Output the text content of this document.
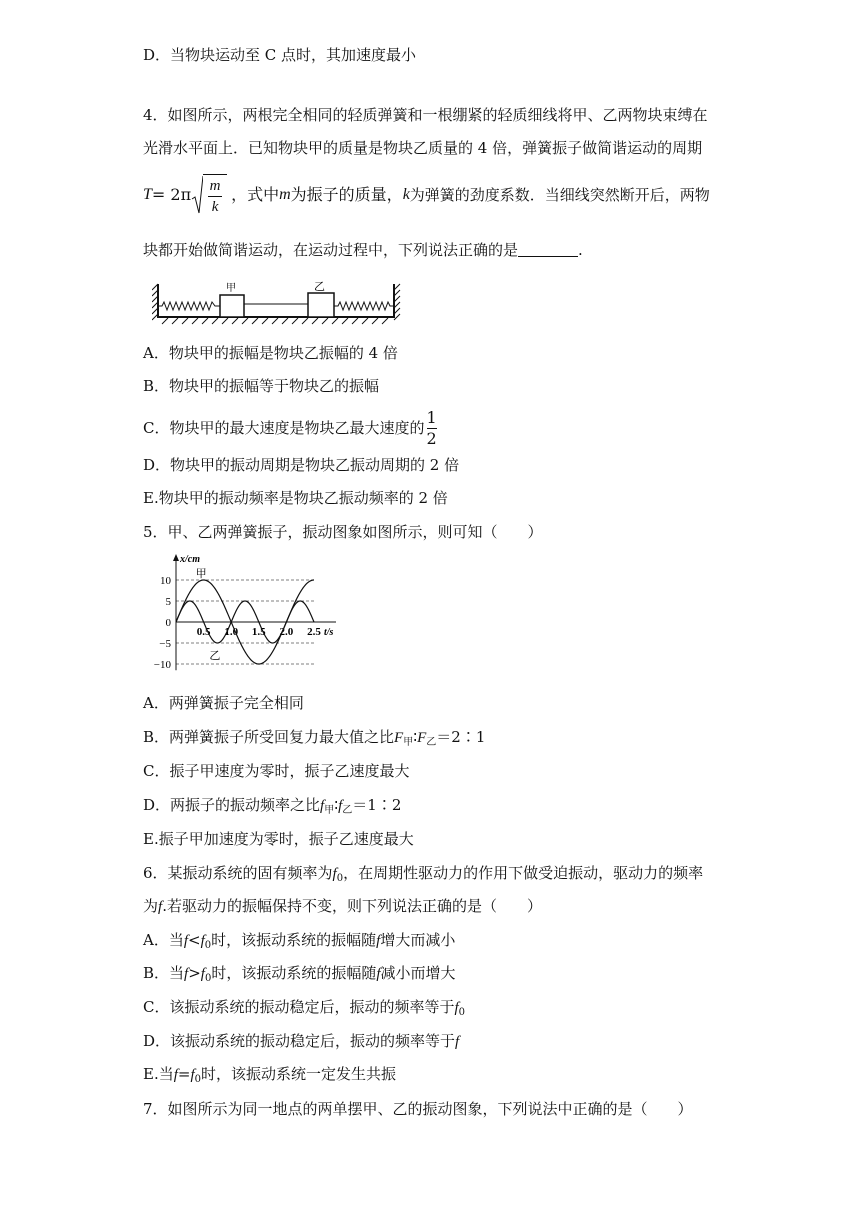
D．当物块运动至 C 点时，其加速度最小
4．如图所示，两根完全相同的轻质弹簧和一根绷紧的轻质细线将甲、乙两物块束缚在
光滑水平面上．已知物块甲的质量是物块乙质量的 4 倍，弹簧振子做简谐运动的周期
$T = 2\pi \frac{m}{k}$ ，式中 m 为振子的质量， k 为弹簧的劲度系数．当细线突然断开后，两物
块都开始做简谐运动，在运动过程中，下列说法正确的是	.
甲	乙
A．物块甲的振幅是物块乙振幅的 4 倍
B．物块甲的振幅等于物块乙的振幅
C．物块甲的最大速度是物块乙最大速度的 $\frac{1}{2}$
D．物块甲的振动周期是物块乙振动周期的 2 倍
E.物块甲的振动频率是物块乙振动频率的 2 倍
5．甲、乙两弹簧振子，振动图象如图所示，则可知（　　）
10
5
0
−5
−10
0.5 1.0 1.5 2.0 2.5
x/cm
t/s
甲
乙
A．两弹簧振子完全相同
B．两弹簧振子所受回复力最大值之比$F_甲∶F_乙=2∶1$
C．振子甲速度为零时，振子乙速度最大
D．两振子的振动频率之比$f_甲∶f_乙=1∶2$
E.振子甲加速度为零时，振子乙速度最大
6．某振动系统的固有频率为$f_0$，在周期性驱动力的作用下做受迫振动，驱动力的频率
为f.若驱动力的振幅保持不变，则下列说法正确的是（　　）
A．当$f<f_0$时，该振动系统的振幅随f增大而减小
B．当$f>f_0$时，该振动系统的振幅随f减小而增大
C．该振动系统的振动稳定后，振动的频率等于$f_0$
D．该振动系统的振动稳定后，振动的频率等于f
E.当$f=f_0$时，该振动系统一定发生共振
7．如图所示为同一地点的两单摆甲、乙的振动图象，下列说法中正确的是（　　）
